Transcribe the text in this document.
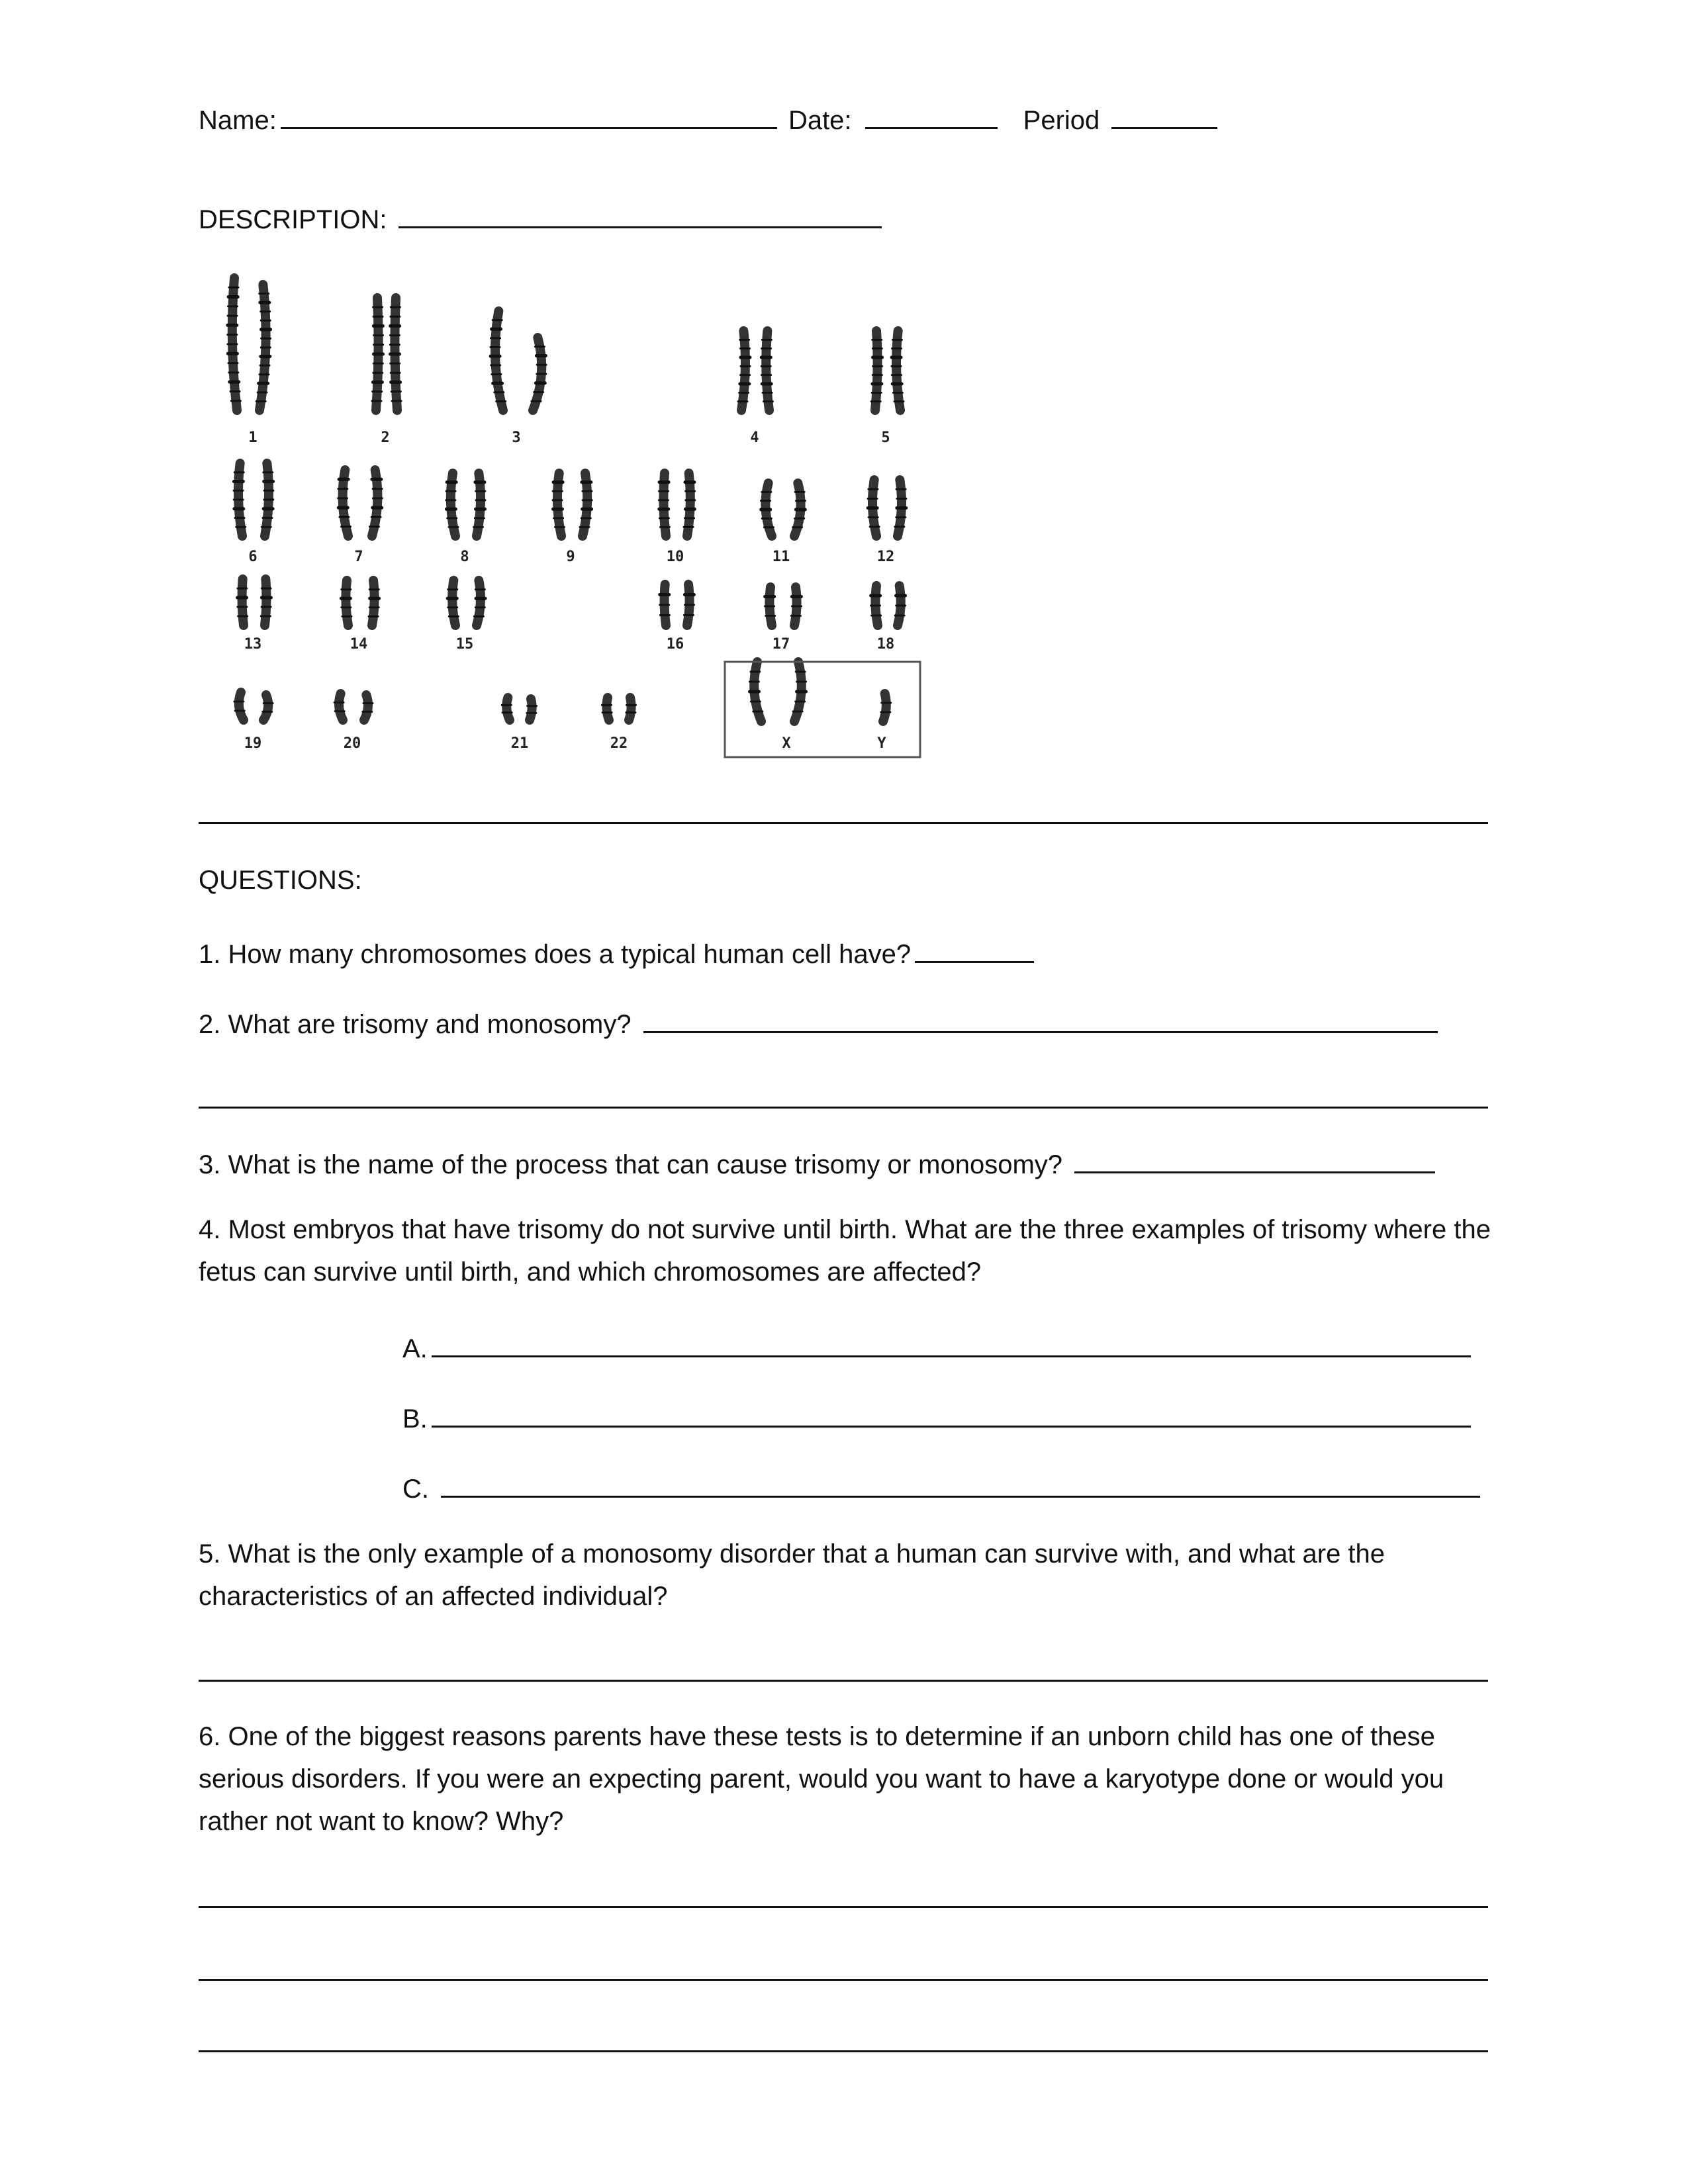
Name:	Date:	Period
DESCRIPTION:
1	2	3	4	5
6	7	8	9	10	11	12
13	14	15	16	17	18
19	20	21	22	X	Y
QUESTIONS:
1. How many chromosomes does a typical human cell have?
2. What are trisomy and monosomy?
3. What is the name of the process that can cause trisomy or monosomy?
4. Most embryos that have trisomy do not survive until birth. What are the three examples of trisomy where the fetus can survive until birth, and which chromosomes are affected?
A.
B.
C.
5. What is the only example of a monosomy disorder that a human can survive with, and what are the characteristics of an affected individual?
6. One of the biggest reasons parents have these tests is to determine if an unborn child has one of these serious disorders. If you were an expecting parent, would you want to have a karyotype done or would you rather not want to know? Why?
